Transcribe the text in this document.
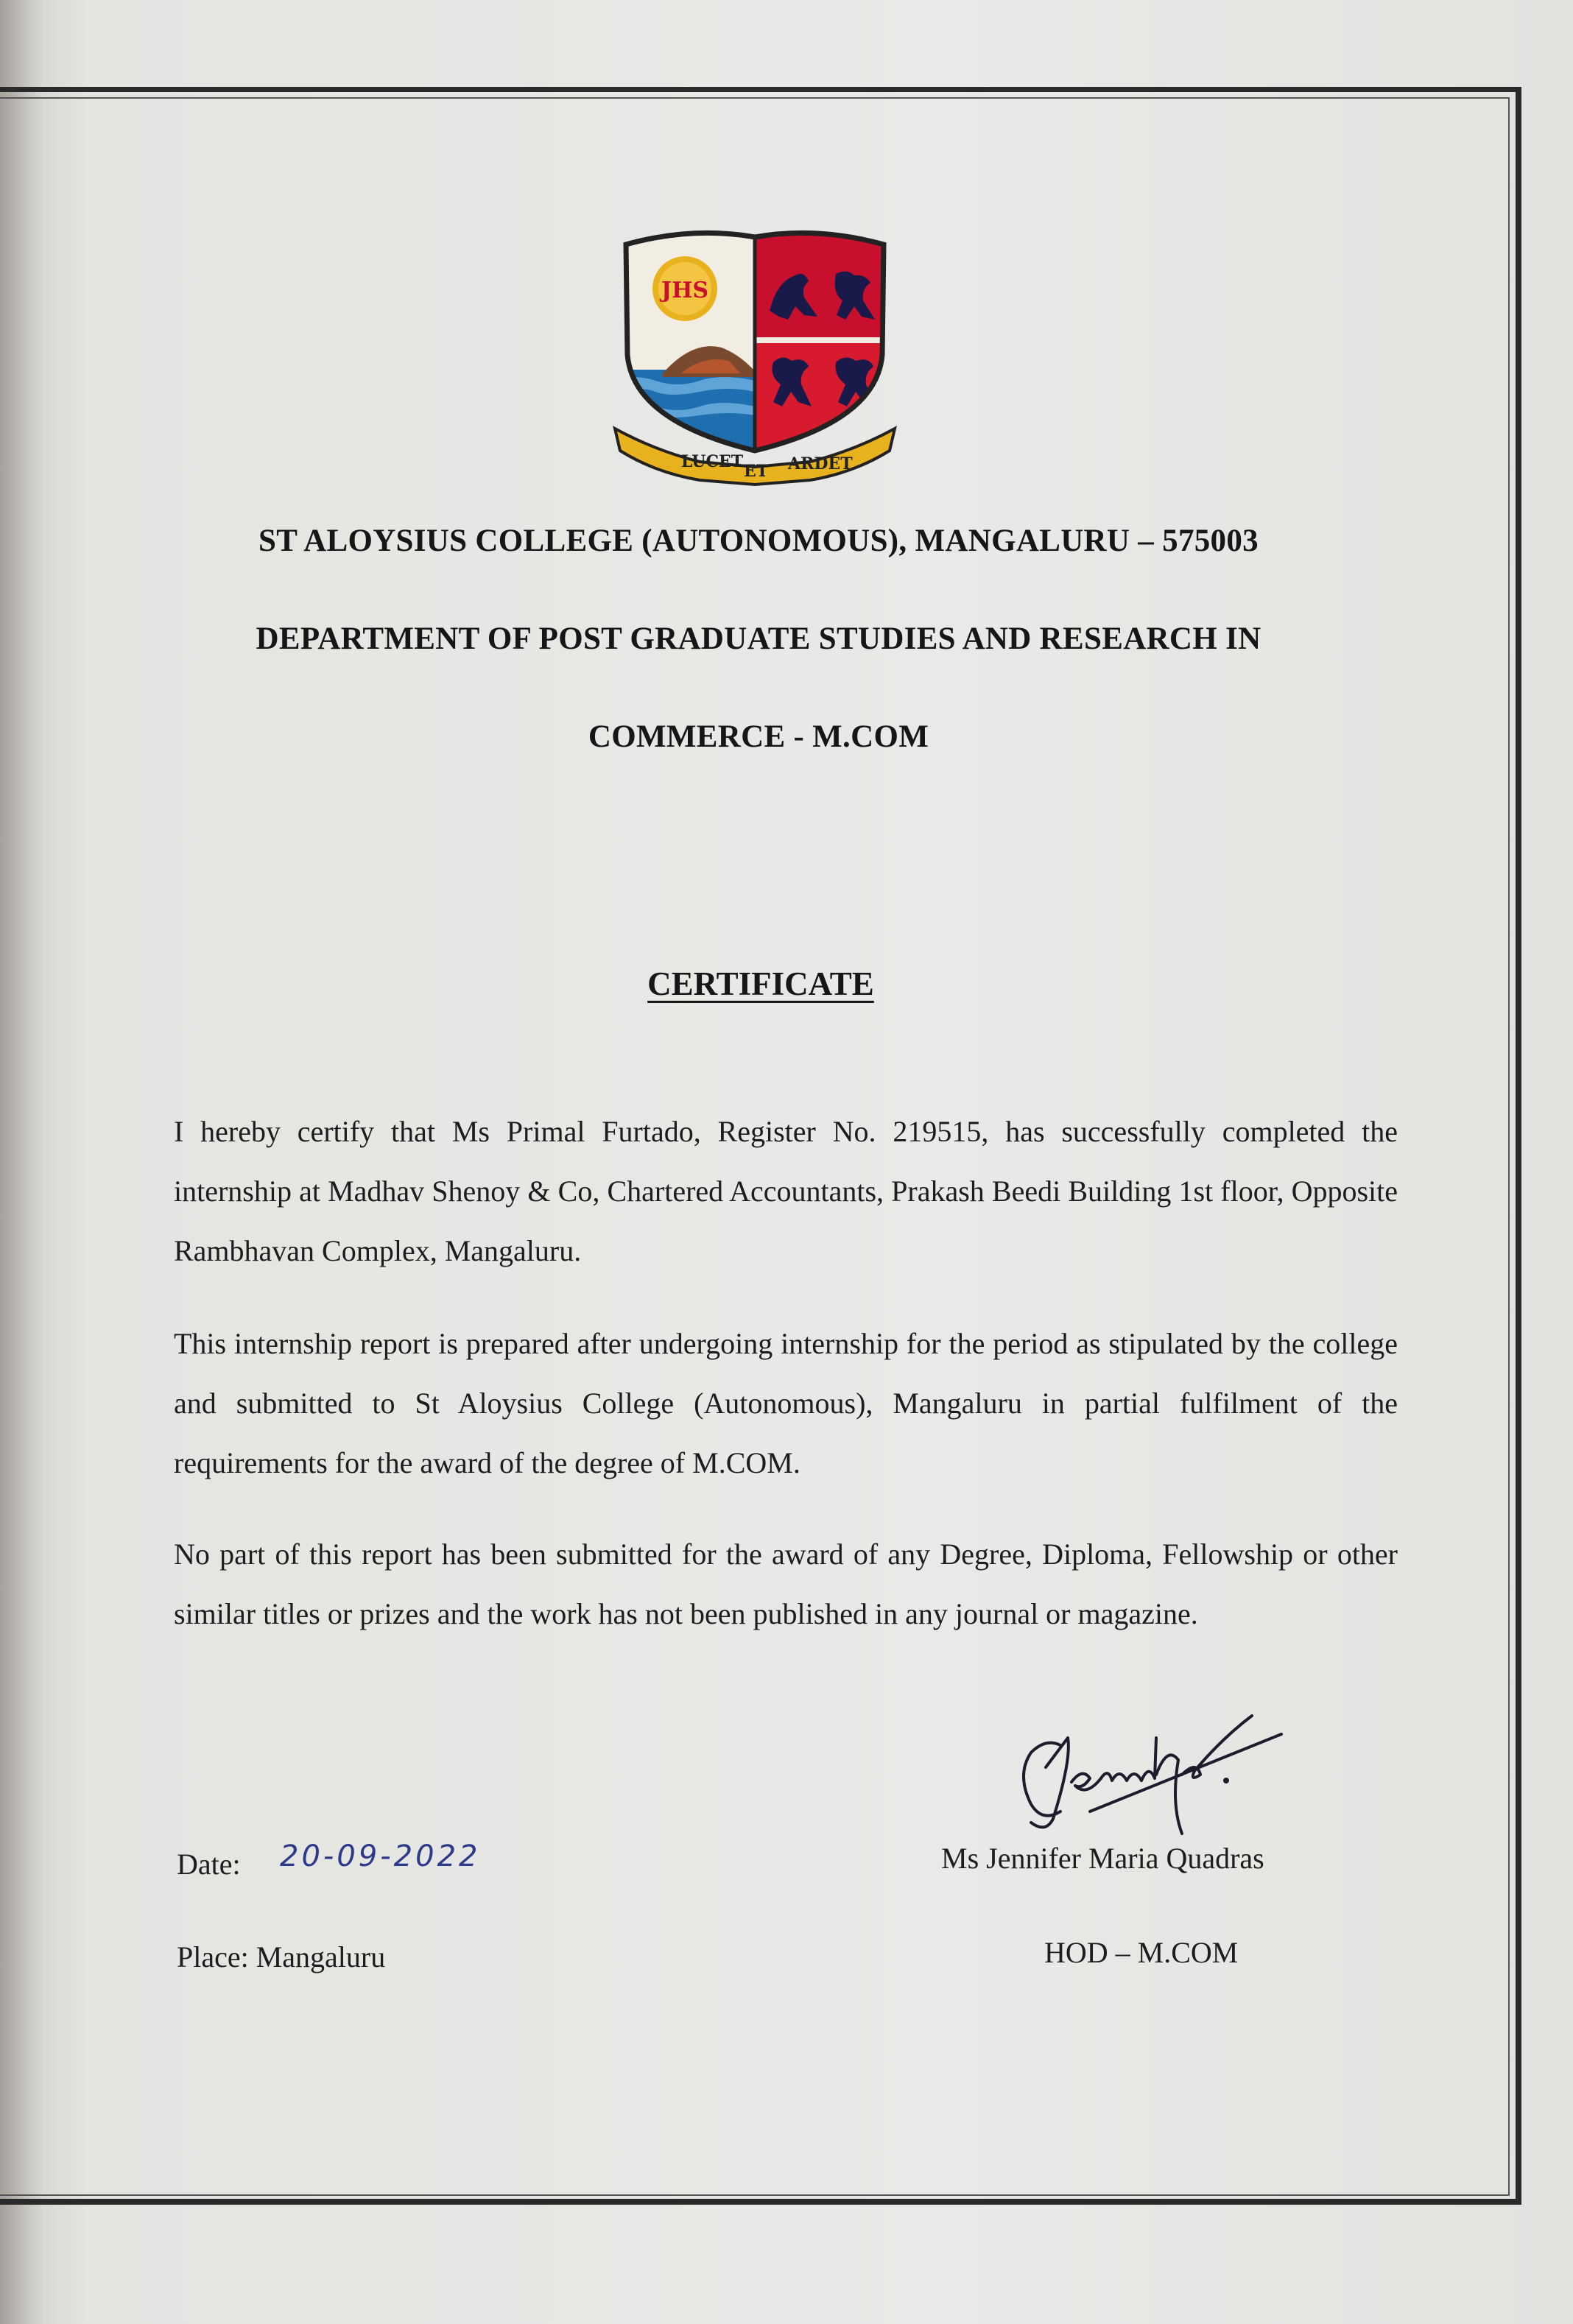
JHS
LUCET ET ARDET
ST ALOYSIUS COLLEGE (AUTONOMOUS), MANGALURU – 575003
DEPARTMENT OF POST GRADUATE STUDIES AND RESEARCH IN
COMMERCE - M.COM
CERTIFICATE
I hereby certify that Ms Primal Furtado, Register No. 219515, has successfully completed the internship at Madhav Shenoy & Co, Chartered Accountants, Prakash Beedi Building 1st floor, Opposite Rambhavan Complex, Mangaluru.
This internship report is prepared after undergoing internship for the period as stipulated by the college and submitted to St Aloysius College (Autonomous), Mangaluru in partial fulfilment of the requirements for the award of the degree of M.COM.
No part of this report has been submitted for the award of any Degree, Diploma, Fellowship or other similar titles or prizes and the work has not been published in any journal or magazine.
Date: 20-09-2022
Place: Mangaluru
Ms Jennifer Maria Quadras
HOD – M.COM
